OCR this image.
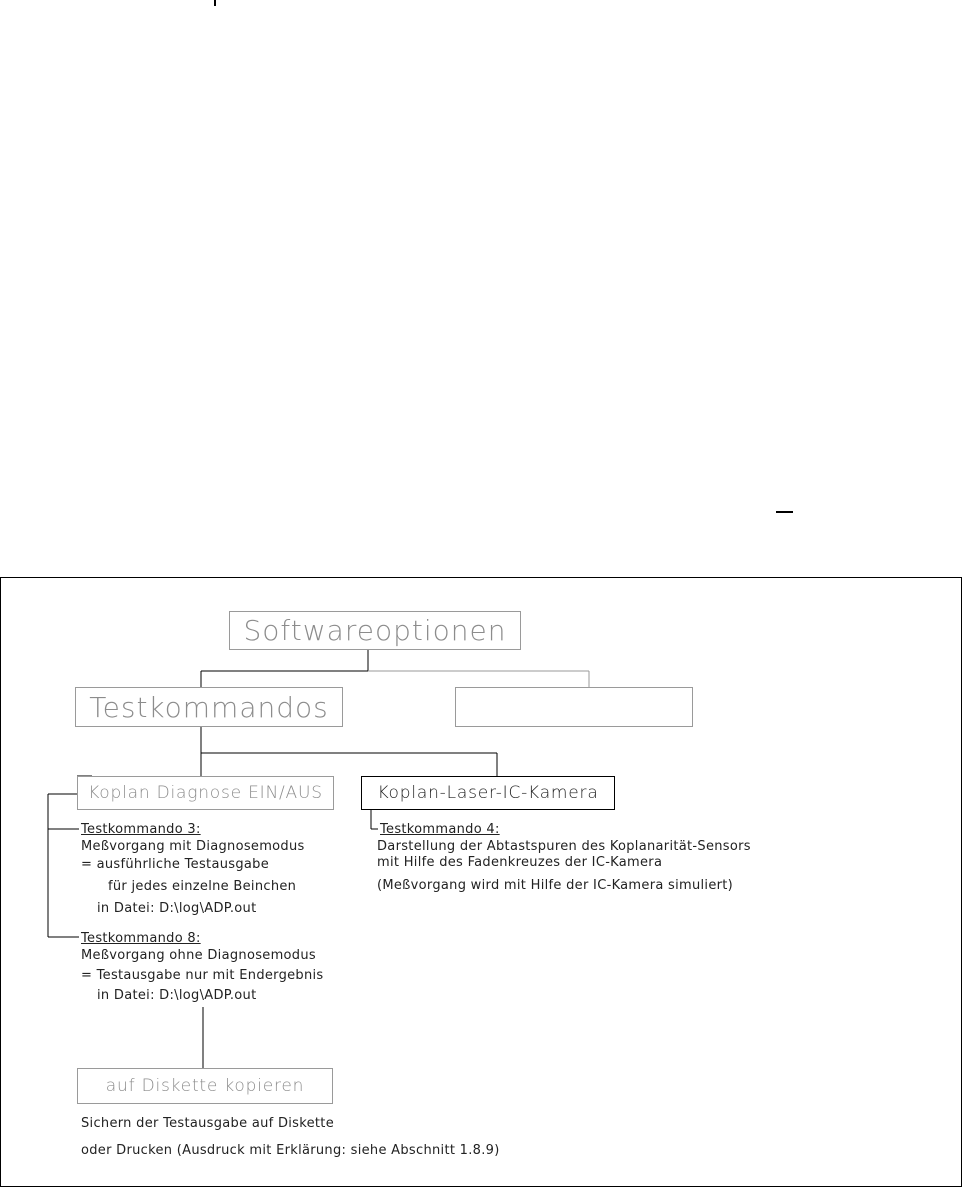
Softwareoptionen
Testkommandos
Koplan Diagnose EIN/AUS	Koplan-Laser-IC-Kamera
auf Diskette kopieren
Testkommando 3:
Meßvorgang mit Diagnosemodus
= ausführliche Testausgabe
für jedes einzelne Beinchen
in Datei: D:\log\ADP.out
Testkommando 8:
Meßvorgang ohne Diagnosemodus
= Testausgabe nur mit Endergebnis
in Datei: D:\log\ADP.out
Testkommando 4:
Darstellung der Abtastspuren des Koplanarität-Sensors
mit Hilfe des Fadenkreuzes der IC-Kamera
(Meßvorgang wird mit Hilfe der IC-Kamera simuliert)
Sichern der Testausgabe auf Diskette
oder Drucken (Ausdruck mit Erklärung: siehe Abschnitt 1.8.9)
